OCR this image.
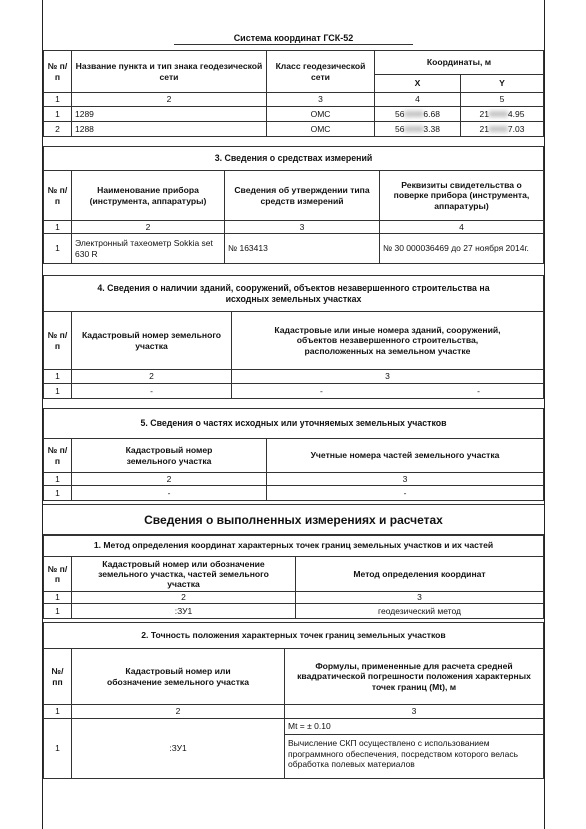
Система координат ГСК-52
№ п/п	Название пункта и тип знака геодезической сети	Класс геодезической сети	Координаты, м	
			X	Y
1	2	3	4	5
1	1289	ОМС	5688886.68	2188884.95
2	1288	ОМС	5688883.38	2188887.03
3. Сведения о средствах измерений			
№ п/п	Наименование прибора (инструмента, аппаратуры)	Сведения об утверждении типа средств измерений	Реквизиты свидетельства о поверке прибора (инструмента, аппаратуры)
1	2	3	4
1	Электронный тахеометр Sokkia set 630 R	№ 163413	№ 30 000036469 до 27 ноября 2014г.
4. Сведения о наличии зданий, сооружений, объектов незавершенного строительства на исходных земельных участках		
№ п/п	Кадастровый номер земельного участка	Кадастровые или иные номера зданий, сооружений, объектов незавершенного строительства, расположенных на земельном участке
1	2	3
1	-	- -
5. Сведения о частях исходных или уточняемых земельных участков		
№ п/п	Кадастровый номер земельного участка	Учетные номера частей земельного участка
1	2	3
1	-	-
Сведения о выполненных измерениях и расчетах
1. Метод определения координат характерных точек границ земельных участков и их частей		
№ п/п	Кадастровый номер или обозначение земельного участка, частей земельного участка	Метод определения координат
1	2	3
1	:ЗУ1	геодезический метод
2. Точность положения характерных точек границ земельных участков		
№/ пп	Кадастровый номер или обозначение земельного участка	Формулы, примененные для расчета средней квадратической погрешности положения характерных точек границ (Mt), м
1	2	3
1	:ЗУ1	Mt = ± 0.10
Вычисление СКП осуществлено с использованием программного обеспечения, посредством которого велась обработка полевых материалов
